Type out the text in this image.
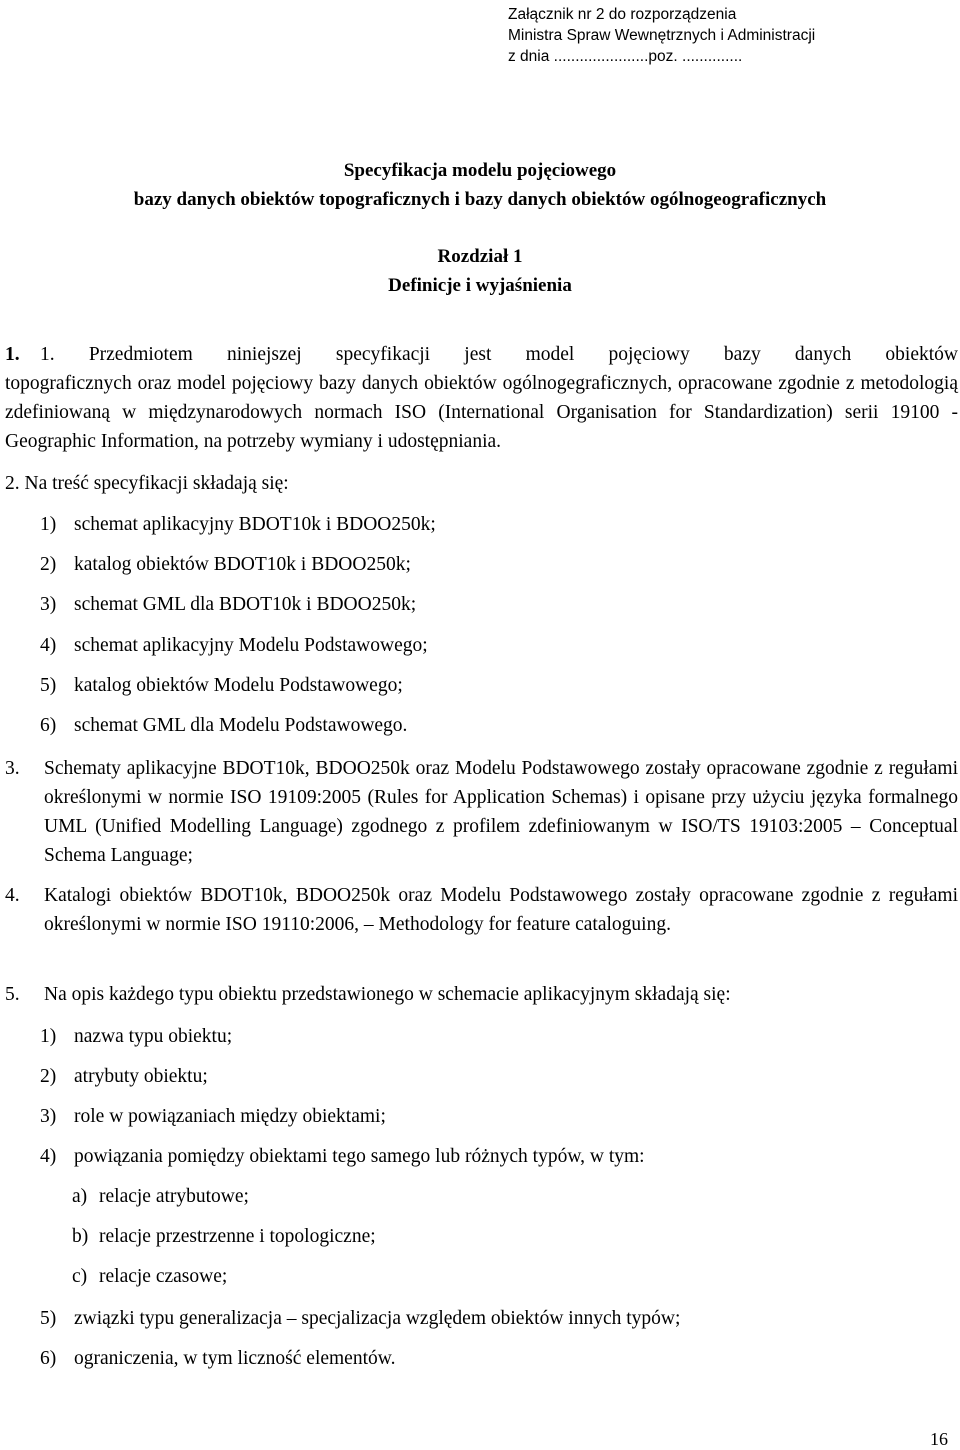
Załącznik nr 2 do rozporządzenia
Ministra Spraw Wewnętrznych i Administracji
z dnia ......................poz. ..............
Specyfikacja modelu pojęciowego
bazy danych obiektów topograficznych i bazy danych obiektów ogólnogeograficznych
Rozdział 1
Definicje i wyjaśnienia
1. 1. Przedmiotem niniejszej specyfikacji jest model pojęciowy bazy danych obiektów
topograficznych oraz model pojęciowy bazy danych obiektów ogólnogegraficznych, opracowane zgodnie z metodologią zdefiniowaną w międzynarodowych normach ISO (International Organisation for Standardization) serii 19100 - Geographic Information, na potrzeby wymiany i udostępniania.
2. Na treść specyfikacji składają się:
1) schemat aplikacyjny BDOT10k i BDOO250k;
2) katalog obiektów BDOT10k i BDOO250k;
3) schemat GML dla BDOT10k i BDOO250k;
4) schemat aplikacyjny Modelu Podstawowego;
5) katalog obiektów Modelu Podstawowego;
6) schemat GML dla Modelu Podstawowego.
3. Schematy aplikacyjne BDOT10k, BDOO250k oraz Modelu Podstawowego zostały opracowane zgodnie z regułami określonymi w normie ISO 19109:2005 (Rules for Application Schemas) i opisane przy użyciu języka formalnego UML (Unified Modelling Language) zgodnego z profilem zdefiniowanym w ISO/TS 19103:2005 – Conceptual Schema Language;
4. Katalogi obiektów BDOT10k, BDOO250k oraz Modelu Podstawowego zostały opracowane zgodnie z regułami określonymi w normie ISO 19110:2006, – Methodology for feature cataloguing.
5. Na opis każdego typu obiektu przedstawionego w schemacie aplikacyjnym składają się:
1) nazwa typu obiektu;
2) atrybuty obiektu;
3) role w powiązaniach między obiektami;
4) powiązania pomiędzy obiektami tego samego lub różnych typów, w tym:
a) relacje atrybutowe;
b) relacje przestrzenne i topologiczne;
c) relacje czasowe;
5) związki typu generalizacja – specjalizacja względem obiektów innych typów;
6) ograniczenia, w tym liczność elementów.
16
